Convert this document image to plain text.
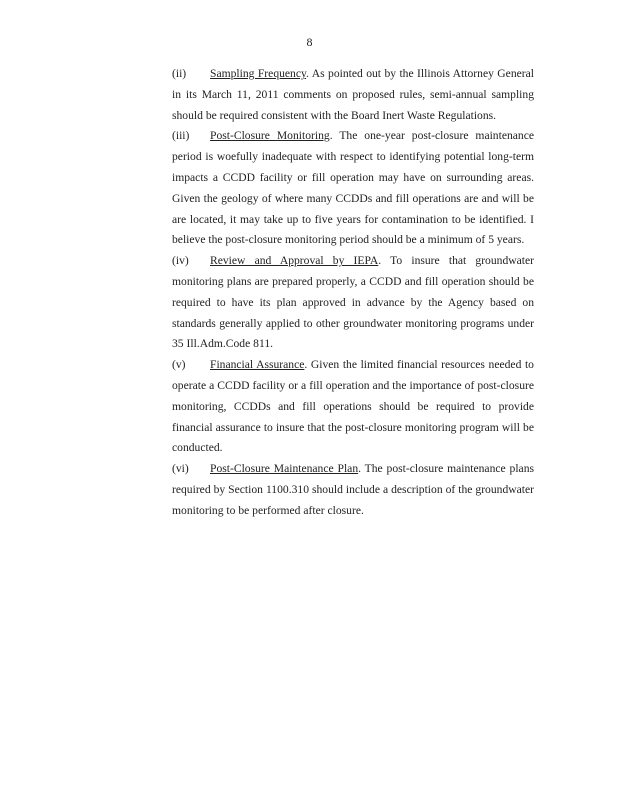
8

(ii) Sampling Frequency. As pointed out by the Illinois Attorney General in its March 11, 2011 comments on proposed rules, semi-annual sampling should be required consistent with the Board Inert Waste Regulations.

(iii) Post-Closure Monitoring. The one-year post-closure maintenance period is woefully inadequate with respect to identifying potential long-term impacts a CCDD facility or fill operation may have on surrounding areas. Given the geology of where many CCDDs and fill operations are and will be are located, it may take up to five years for contamination to be identified. I believe the post-closure monitoring period should be a minimum of 5 years.

(iv) Review and Approval by IEPA. To insure that groundwater monitoring plans are prepared properly, a CCDD and fill operation should be required to have its plan approved in advance by the Agency based on standards generally applied to other groundwater monitoring programs under 35 Ill.Adm.Code 811.

(v) Financial Assurance. Given the limited financial resources needed to operate a CCDD facility or a fill operation and the importance of post-closure monitoring, CCDDs and fill operations should be required to provide financial assurance to insure that the post-closure monitoring program will be conducted.

(vi) Post-Closure Maintenance Plan. The post-closure maintenance plans required by Section 1100.310 should include a description of the groundwater monitoring to be performed after closure.
